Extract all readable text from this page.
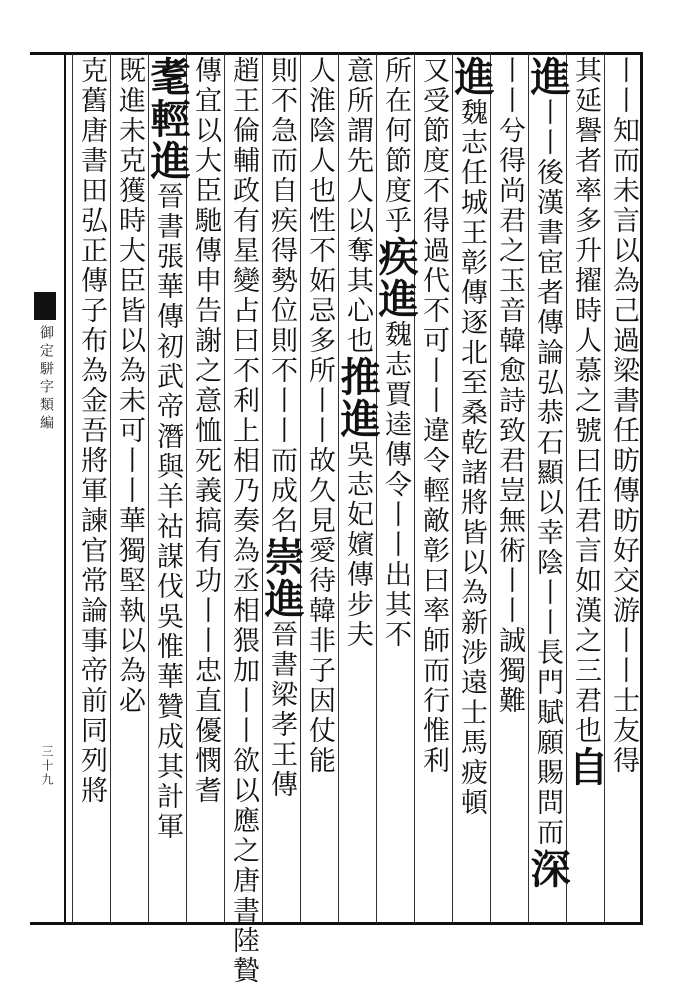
御定駢字類編
三十九	丨丨知而未言以為己過梁書任昉傳昉好交游丨丨士友得
其延譽者率多升擢時人慕之號曰任君言如漢之三君也自
進丨丨後漢書宦者傳論弘恭石顯以幸陰丨丨長門賦願賜問而深
丨丨兮得尚君之玉音韓愈詩致君豈無術丨丨誠獨難
進魏志任城王彰傳逐北至桑乾諸將皆以為新涉遠士馬疲頓
又受節度不得過代不可丨丨違令輕敵彰曰率師而行惟利
所在何節度乎疾進魏志賈逵傳令丨丨出其不
意所謂先人以奪其心也推進吳志妃嬪傳步夫
人淮陰人也性不妬忌多所丨丨故久見愛待韓非子因仗能
則不急而自疾得勢位則不丨丨而成名崇進晉書梁孝王傳
趙王倫輔政有星變占曰不利上相乃奏為丞相猥加丨丨欲以應之唐書陸贄
傳宜以大臣馳傳申告謝之意恤死義搞有功丨丨忠直優憫耆
耄輕進晉書張華傳初武帝潛與羊祜謀伐吳惟華贊成其計軍
既進未克獲時大臣皆以為未可丨丨華獨堅執以為必
克舊唐書田弘正傳子布為金吾將軍諫官常論事帝前同列將
